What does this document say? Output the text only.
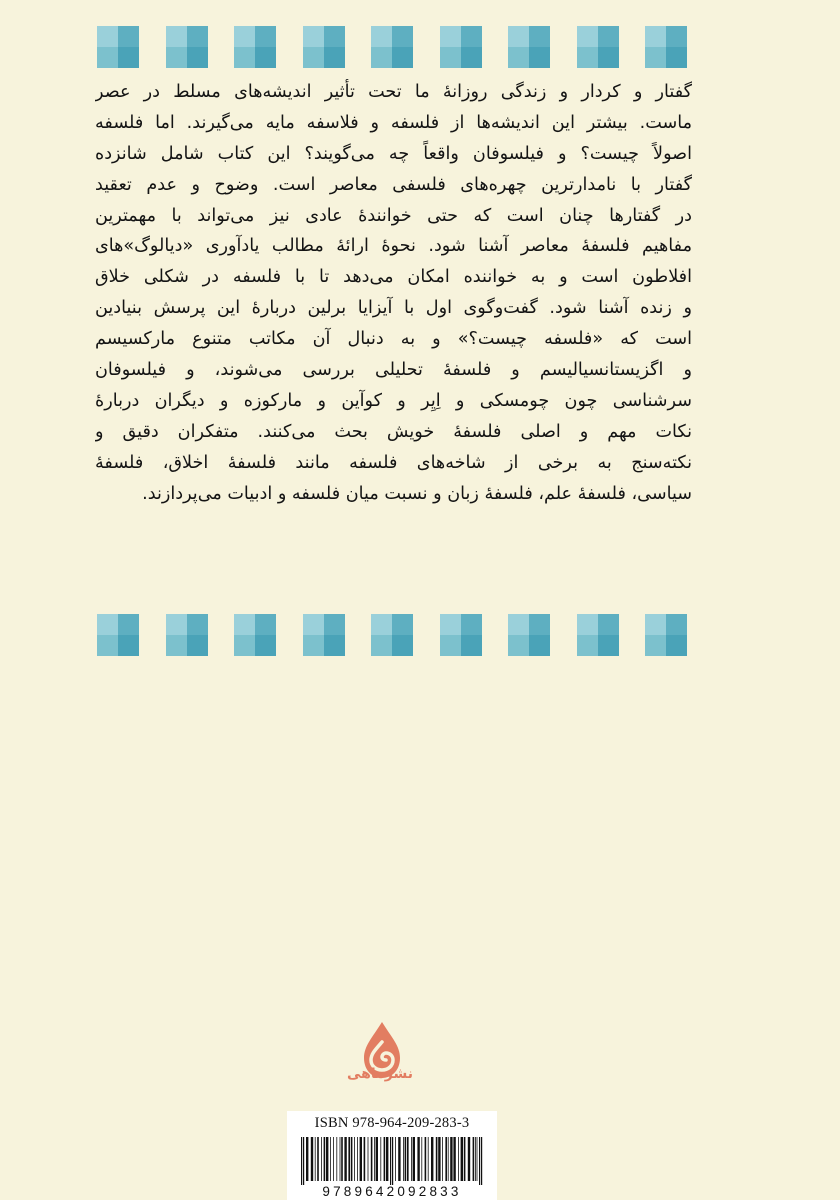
گفتار و کردار و زندگی روزانهٔ ما تحت تأثیر اندیشه‌های مسلط در عصر
ماست. بیشتر این اندیشه‌ها از فلسفه و فلاسفه مایه می‌گیرند. اما فلسفه
اصولاً چیست؟ و فیلسوفان واقعاً چه می‌گویند؟ این کتاب شامل شانزده
گفتار با نامدارترین چهره‌های فلسفی معاصر است. وضوح و عدم تعقید
در گفتارها چنان است که حتی خوانندهٔ عادی نیز می‌تواند با مهمترین
مفاهیم فلسفهٔ معاصر آشنا شود. نحوهٔ ارائهٔ مطالب یادآوری «دیالوگ»های
افلاطون است و به خواننده امکان می‌دهد تا با فلسفه در شکلی خلاق
و زنده آشنا شود. گفت‌وگوی اول با آیزایا برلین دربارهٔ این پرسش بنیادین
است که «فلسفه چیست؟» و به دنبال آن مکاتب متنوع مارکسیسم
و اگزیستانسیالیسم و فلسفهٔ تحلیلی بررسی می‌شوند، و فیلسوفان
سرشناسی چون چومسکی و اِیِر و کوآین و مارکوزه و دیگران دربارهٔ
نکات مهم و اصلی فلسفهٔ خویش بحث می‌کنند. متفکران دقیق و
نکته‌سنج به برخی از شاخه‌های فلسفه مانند فلسفهٔ اخلاق، فلسفهٔ
سیاسی، فلسفهٔ علم، فلسفهٔ زبان و نسبت میان فلسفه و ادبیات می‌پردازند.
نشرماهی
ISBN 978-964-209-283-3
9789642092833
